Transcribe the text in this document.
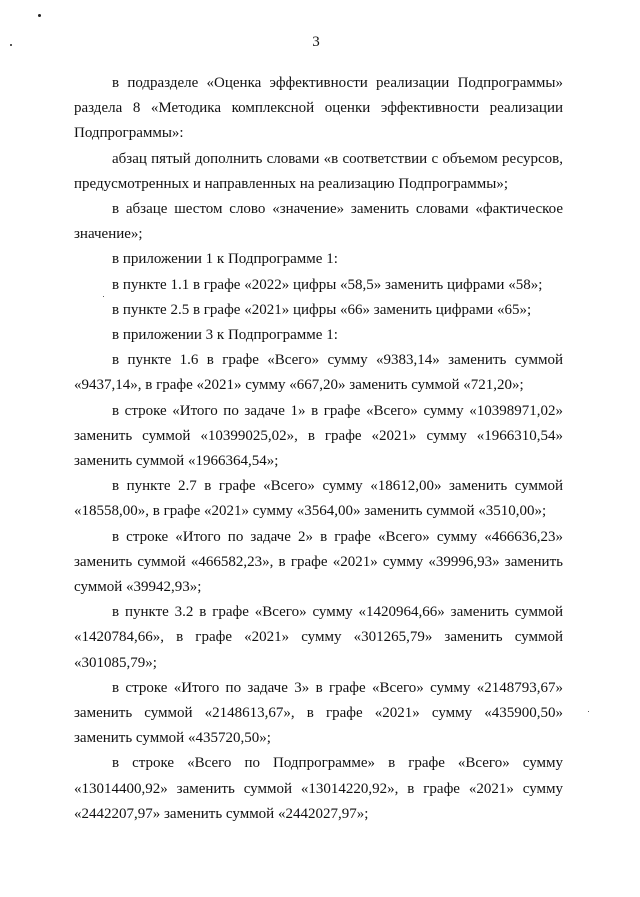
3

в подразделе «Оценка эффективности реализации Подпрограммы» раздела 8 «Методика комплексной оценки эффективности реализации Подпрограммы»:

абзац пятый дополнить словами «в соответствии с объемом ресурсов, предусмотренных и направленных на реализацию Подпрограммы»;

в абзаце шестом слово «значение» заменить словами «фактическое значение»;

в приложении 1 к Подпрограмме 1:

в пункте 1.1 в графе «2022» цифры «58,5» заменить цифрами «58»;

в пункте 2.5 в графе «2021» цифры «66» заменить цифрами «65»;

в приложении 3 к Подпрограмме 1:

в пункте 1.6 в графе «Всего» сумму «9383,14» заменить суммой «9437,14», в графе «2021» сумму «667,20» заменить суммой «721,20»;

в строке «Итого по задаче 1» в графе «Всего» сумму «10398971,02» заменить суммой «10399025,02», в графе «2021» сумму «1966310,54» заменить суммой «1966364,54»;

в пункте 2.7 в графе «Всего» сумму «18612,00» заменить суммой «18558,00», в графе «2021» сумму «3564,00» заменить суммой «3510,00»;

в строке «Итого по задаче 2» в графе «Всего» сумму «466636,23» заменить суммой «466582,23», в графе «2021» сумму «39996,93» заменить суммой «39942,93»;

в пункте 3.2 в графе «Всего» сумму «1420964,66» заменить суммой «1420784,66», в графе «2021» сумму «301265,79» заменить суммой «301085,79»;

в строке «Итого по задаче 3» в графе «Всего» сумму «2148793,67» заменить суммой «2148613,67», в графе «2021» сумму «435900,50» заменить суммой «435720,50»;

в строке «Всего по Подпрограмме» в графе «Всего» сумму «13014400,92» заменить суммой «13014220,92», в графе «2021» сумму «2442207,97» заменить суммой «2442027,97»;
